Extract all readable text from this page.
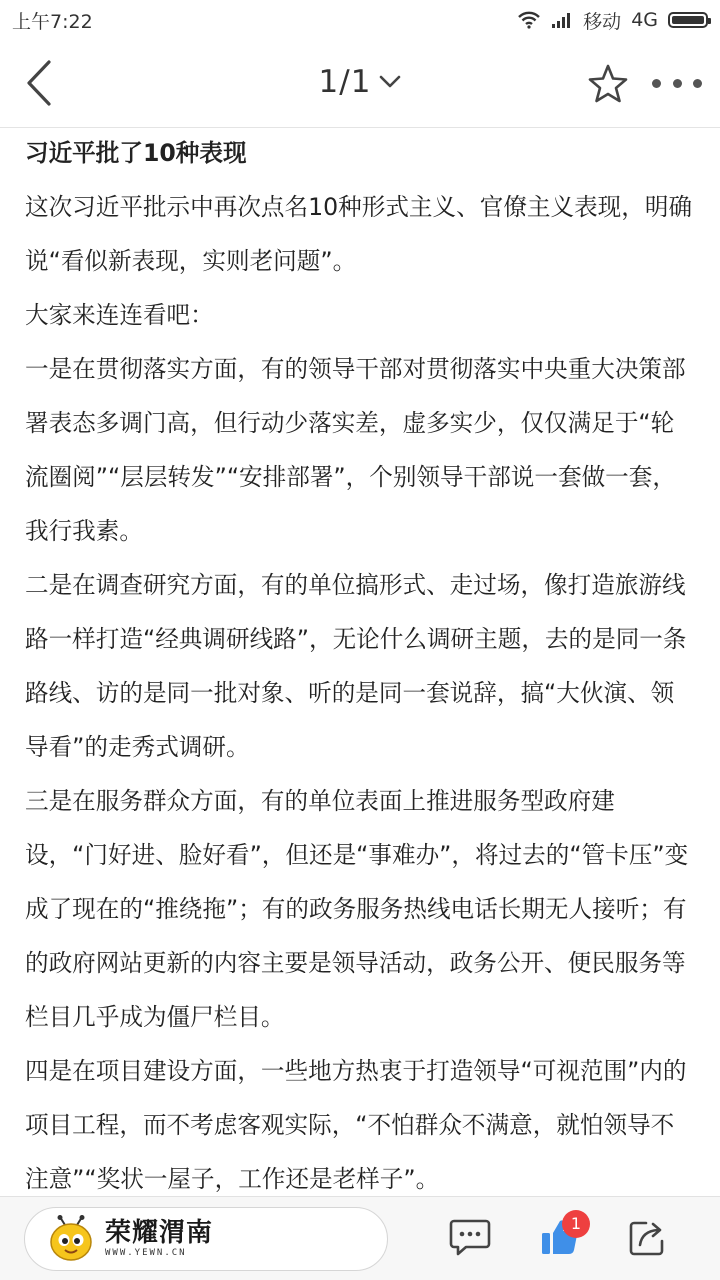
上午7:22	移动 4G
1/1
习近平批了10种表现

这次习近平批示中再次点名10种形式主义、官僚主义表现，明确说“看似新表现，实则老问题”。

大家来连连看吧：

一是在贯彻落实方面，有的领导干部对贯彻落实中央重大决策部署表态多调门高，但行动少落实差，虚多实少，仅仅满足于“轮流圈阅”“层层转发”“安排部署”，个别领导干部说一套做一套，我行我素。

二是在调查研究方面，有的单位搞形式、走过场，像打造旅游线路一样打造“经典调研线路”，无论什么调研主题，去的是同一条路线、访的是同一批对象、听的是同一套说辞，搞“大伙演、领导看”的走秀式调研。

三是在服务群众方面，有的单位表面上推进服务型政府建设，“门好进、脸好看”，但还是“事难办”，将过去的“管卡压”变成了现在的“推绕拖”；有的政务服务热线电话长期无人接听；有的政府网站更新的内容主要是领导活动，政务公开、便民服务等栏目几乎成为僵尸栏目。

四是在项目建设方面，一些地方热衷于打造领导“可视范围”内的项目工程，而不考虑客观实际，“不怕群众不满意，就怕领导不注意”“奖状一屋子，工作还是老样子”。

荣耀渭南
WWW.YEWN.CN
1
